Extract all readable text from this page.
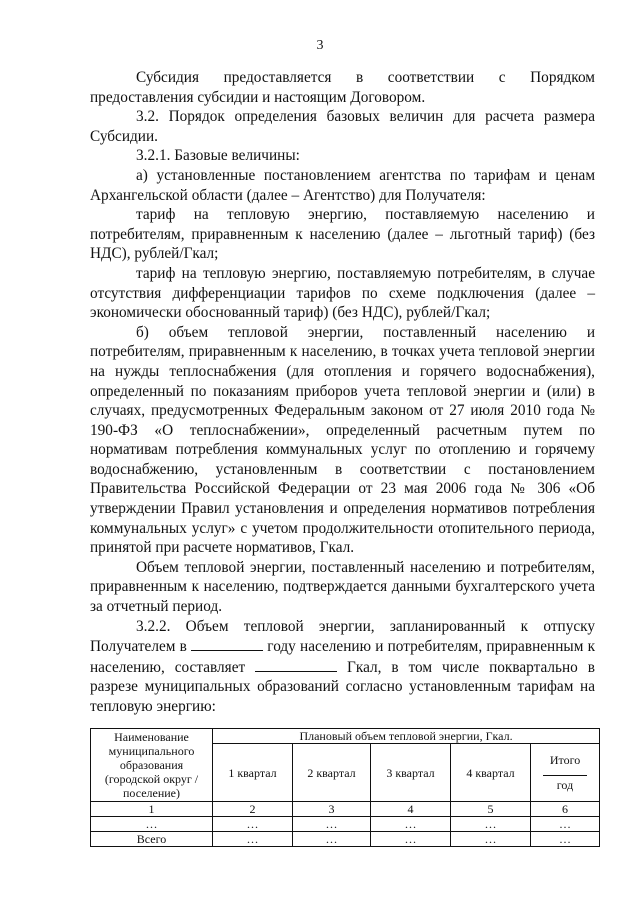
3

Субсидия предоставляется в соответствии с Порядком предоставления субсидии и настоящим Договором.

3.2. Порядок определения базовых величин для расчета размера Субсидии.

3.2.1. Базовые величины:

а) установленные постановлением агентства по тарифам и ценам Архангельской области (далее – Агентство) для Получателя:

тариф на тепловую энергию, поставляемую населению и потребителям, приравненным к населению (далее – льготный тариф) (без НДС), рублей/Гкал;

тариф на тепловую энергию, поставляемую потребителям, в случае отсутствия дифференциации тарифов по схеме подключения (далее – экономически обоснованный тариф) (без НДС), рублей/Гкал;

б) объем тепловой энергии, поставленный населению и потребителям, приравненным к населению, в точках учета тепловой энергии на нужды теплоснабжения (для отопления и горячего водоснабжения), определенный по показаниям приборов учета тепловой энергии и (или) в случаях, предусмотренных Федеральным законом от 27 июля 2010 года № 190-ФЗ «О теплоснабжении», определенный расчетным путем по нормативам потребления коммунальных услуг по отоплению и горячему водоснабжению, установленным в соответствии с постановлением Правительства Российской Федерации от 23 мая 2006 года № 306 «Об утверждении Правил установления и определения нормативов потребления коммунальных услуг» с учетом продолжительности отопительного периода, принятой при расчете нормативов, Гкал.

Объем тепловой энергии, поставленный населению и потребителям, приравненным к населению, подтверждается данными бухгалтерского учета за отчетный период.

3.2.2. Объем тепловой энергии, запланированный к отпуску Получателем в	году населению и потребителям, приравненным к населению, составляет	Гкал, в том числе поквартально в разрезе муниципальных образований согласно установленным тарифам на тепловую энергию:

Наименование муниципального образования (городской округ / поселение)	Плановый объем тепловой энергии, Гкал.				
	1 квартал	2 квартал	3 квартал	4 квартал	Итого
год
1	2	3	4	5	6
…	…	…	…	…	…
Всего	…	…	…	…	…
